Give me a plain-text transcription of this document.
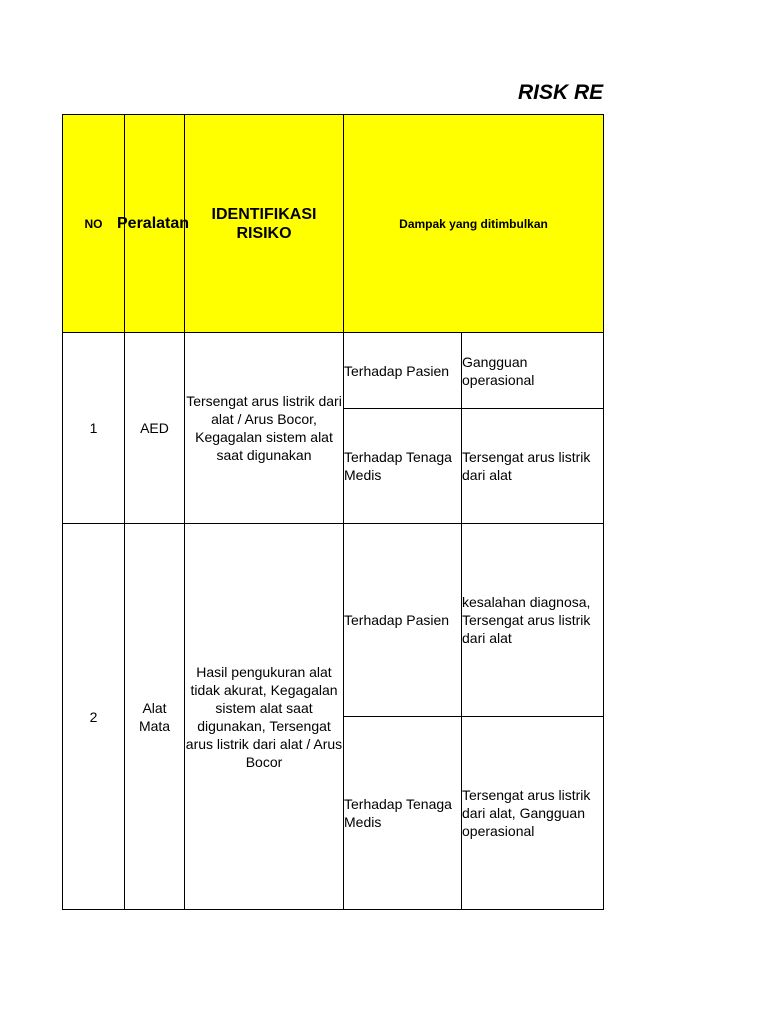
RISK RE
NO	Peralatan	IDENTIFIKASI RISIKO	Dampak yang ditimbulkan	
1	AED	Tersengat arus listrik dari alat / Arus Bocor, Kegagalan sistem alat saat digunakan	Terhadap Pasien	Gangguan operasional
			Terhadap Tenaga Medis	Tersengat arus listrik dari alat
2	Alat Mata	Hasil pengukuran alat tidak akurat, Kegagalan sistem alat saat digunakan, Tersengat arus listrik dari alat / Arus Bocor	Terhadap Pasien	kesalahan diagnosa, Tersengat arus listrik dari alat
			Terhadap Tenaga Medis	Tersengat arus listrik dari alat, Gangguan operasional
